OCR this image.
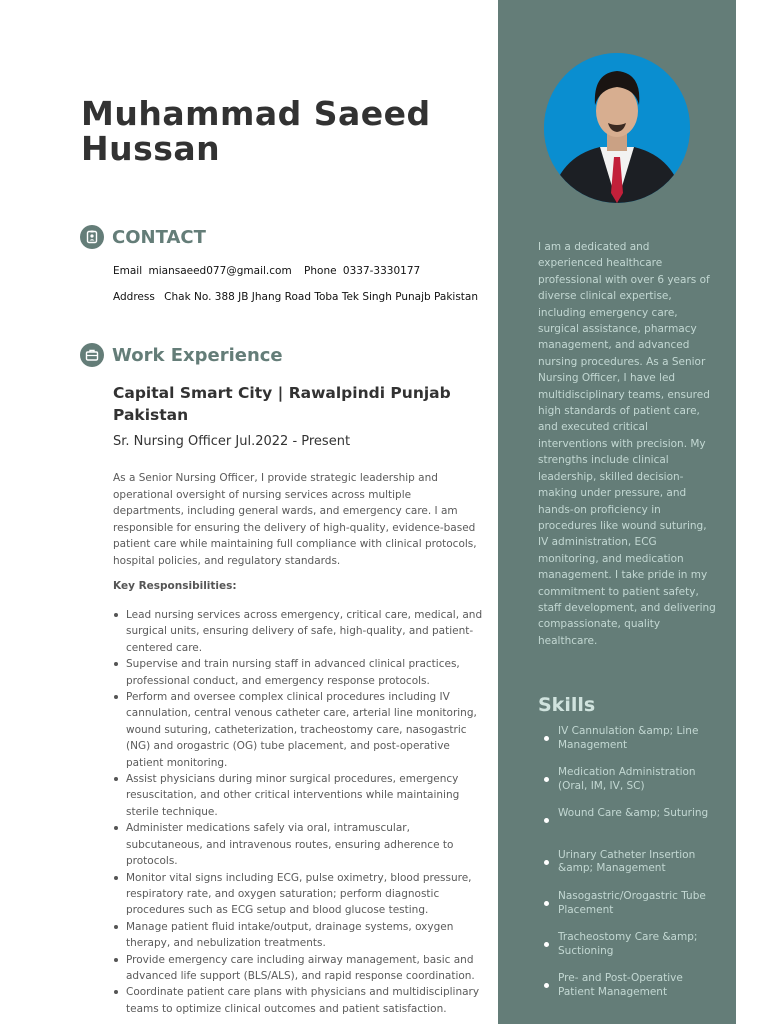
Muhammad Saeed Hussan
CONTACT
Email miansaeed077@gmail.com Phone 0337-3330177
Address Chak No. 388 JB Jhang Road Toba Tek Singh Punajb Pakistan
Work Experience
Capital Smart City | Rawalpindi Punjab Pakistan
Sr. Nursing Officer Jul.2022 - Present

As a Senior Nursing Officer, I provide strategic leadership and operational oversight of nursing services across multiple departments, including general wards, and emergency care. I am responsible for ensuring the delivery of high-quality, evidence-based patient care while maintaining full compliance with clinical protocols, hospital policies, and regulatory standards.

Key Responsibilities:
Lead nursing services across emergency, critical care, medical, and surgical units, ensuring delivery of safe, high-quality, and patient-centered care.
Supervise and train nursing staff in advanced clinical practices, professional conduct, and emergency response protocols.
Perform and oversee complex clinical procedures including IV cannulation, central venous catheter care, arterial line monitoring, wound suturing, catheterization, tracheostomy care, nasogastric (NG) and orogastric (OG) tube placement, and post-operative patient monitoring.
Assist physicians during minor surgical procedures, emergency resuscitation, and other critical interventions while maintaining sterile technique.
Administer medications safely via oral, intramuscular, subcutaneous, and intravenous routes, ensuring adherence to protocols.
Monitor vital signs including ECG, pulse oximetry, blood pressure, respiratory rate, and oxygen saturation; perform diagnostic procedures such as ECG setup and blood glucose testing.
Manage patient fluid intake/output, drainage systems, oxygen therapy, and nebulization treatments.
Provide emergency care including airway management, basic and advanced life support (BLS/ALS), and rapid response coordination.
Coordinate patient care plans with physicians and multidisciplinary teams to optimize clinical outcomes and patient satisfaction.

I am a dedicated and experienced healthcare professional with over 6 years of diverse clinical expertise, including emergency care, surgical assistance, pharmacy management, and advanced nursing procedures. As a Senior Nursing Officer, I have led multidisciplinary teams, ensured high standards of patient care, and executed critical interventions with precision. My strengths include clinical leadership, skilled decision-making under pressure, and hands-on proficiency in procedures like wound suturing, IV administration, ECG monitoring, and medication management. I take pride in my commitment to patient safety, staff development, and delivering compassionate, quality healthcare.

Skills
IV Cannulation &amp; Line Management
Medication Administration (Oral, IM, IV, SC)
Wound Care &amp; Suturing
Urinary Catheter Insertion &amp; Management
Nasogastric/Orogastric Tube Placement
Tracheostomy Care &amp; Suctioning
Pre- and Post-Operative Patient Management
